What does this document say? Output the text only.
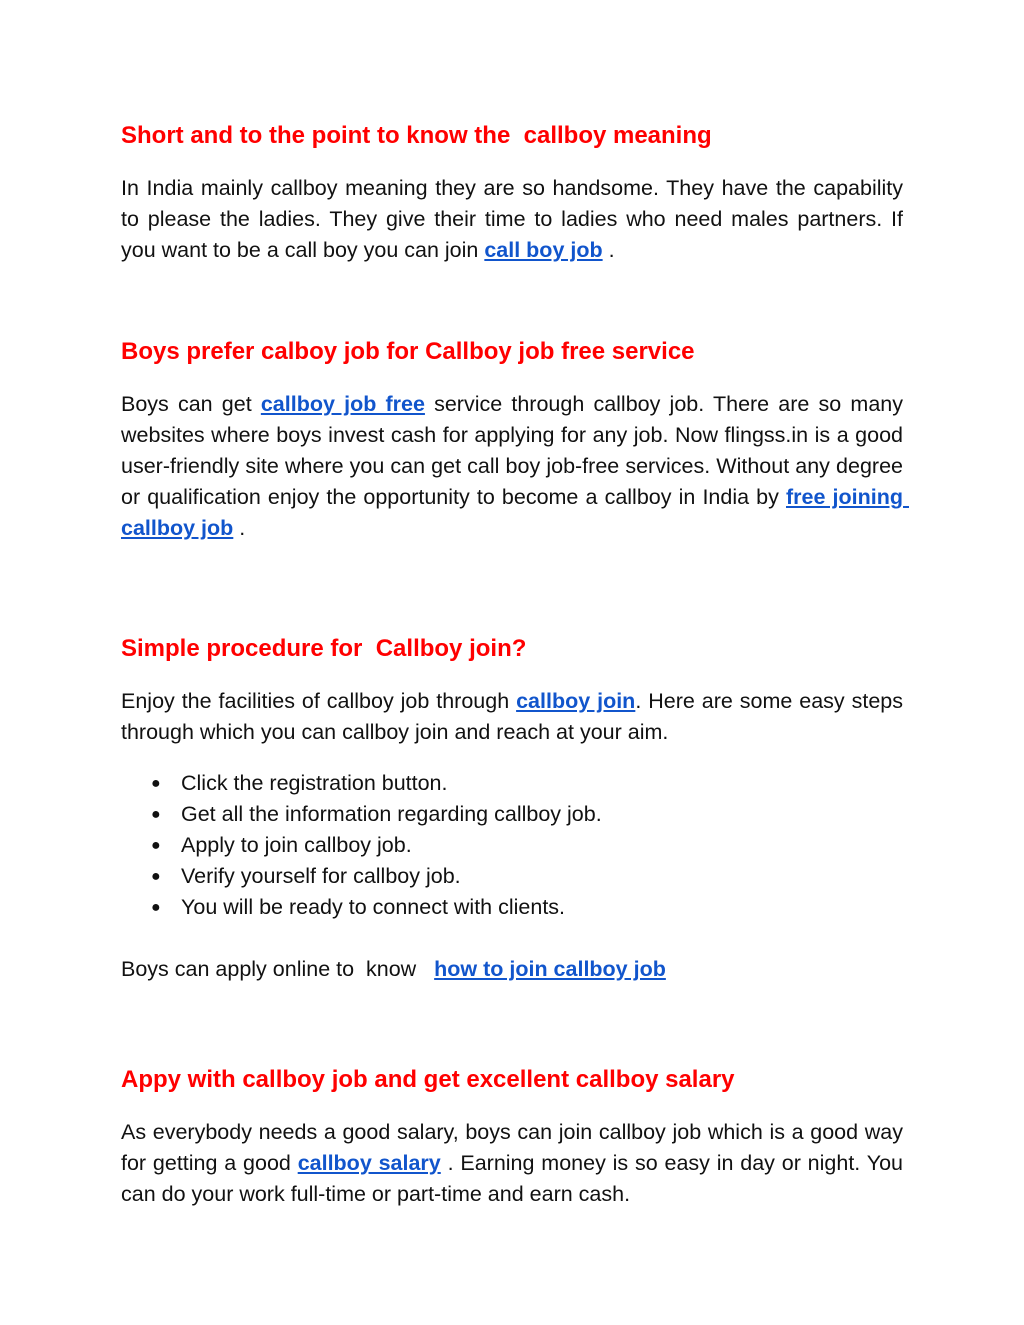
Short and to the point to know the  callboy meaning

In India mainly callboy meaning they are so handsome. They have the capability to please the ladies. They give their time to ladies who need males partners. If you want to be a call boy you can join call boy job .

Boys prefer calboy job for Callboy job free service

Boys can get callboy job free service through callboy job. There are so many websites where boys invest cash for applying for any job. Now flingss.in is a good user-friendly site where you can get call boy job-free services. Without any degree or qualification enjoy the opportunity to become a callboy in India by free joining callboy job .

Simple procedure for  Callboy join?

Enjoy the facilities of callboy job through callboy join. Here are some easy steps through which you can callboy join and reach at your aim.

● Click the registration button.
● Get all the information regarding callboy job.
● Apply to join callboy job.
● Verify yourself for callboy job.
● You will be ready to connect with clients.

Boys can apply online to  know   how to join callboy job

Appy with callboy job and get excellent callboy salary

As everybody needs a good salary, boys can join callboy job which is a good way for getting a good callboy salary . Earning money is so easy in day or night. You can do your work full-time or part-time and earn cash.
